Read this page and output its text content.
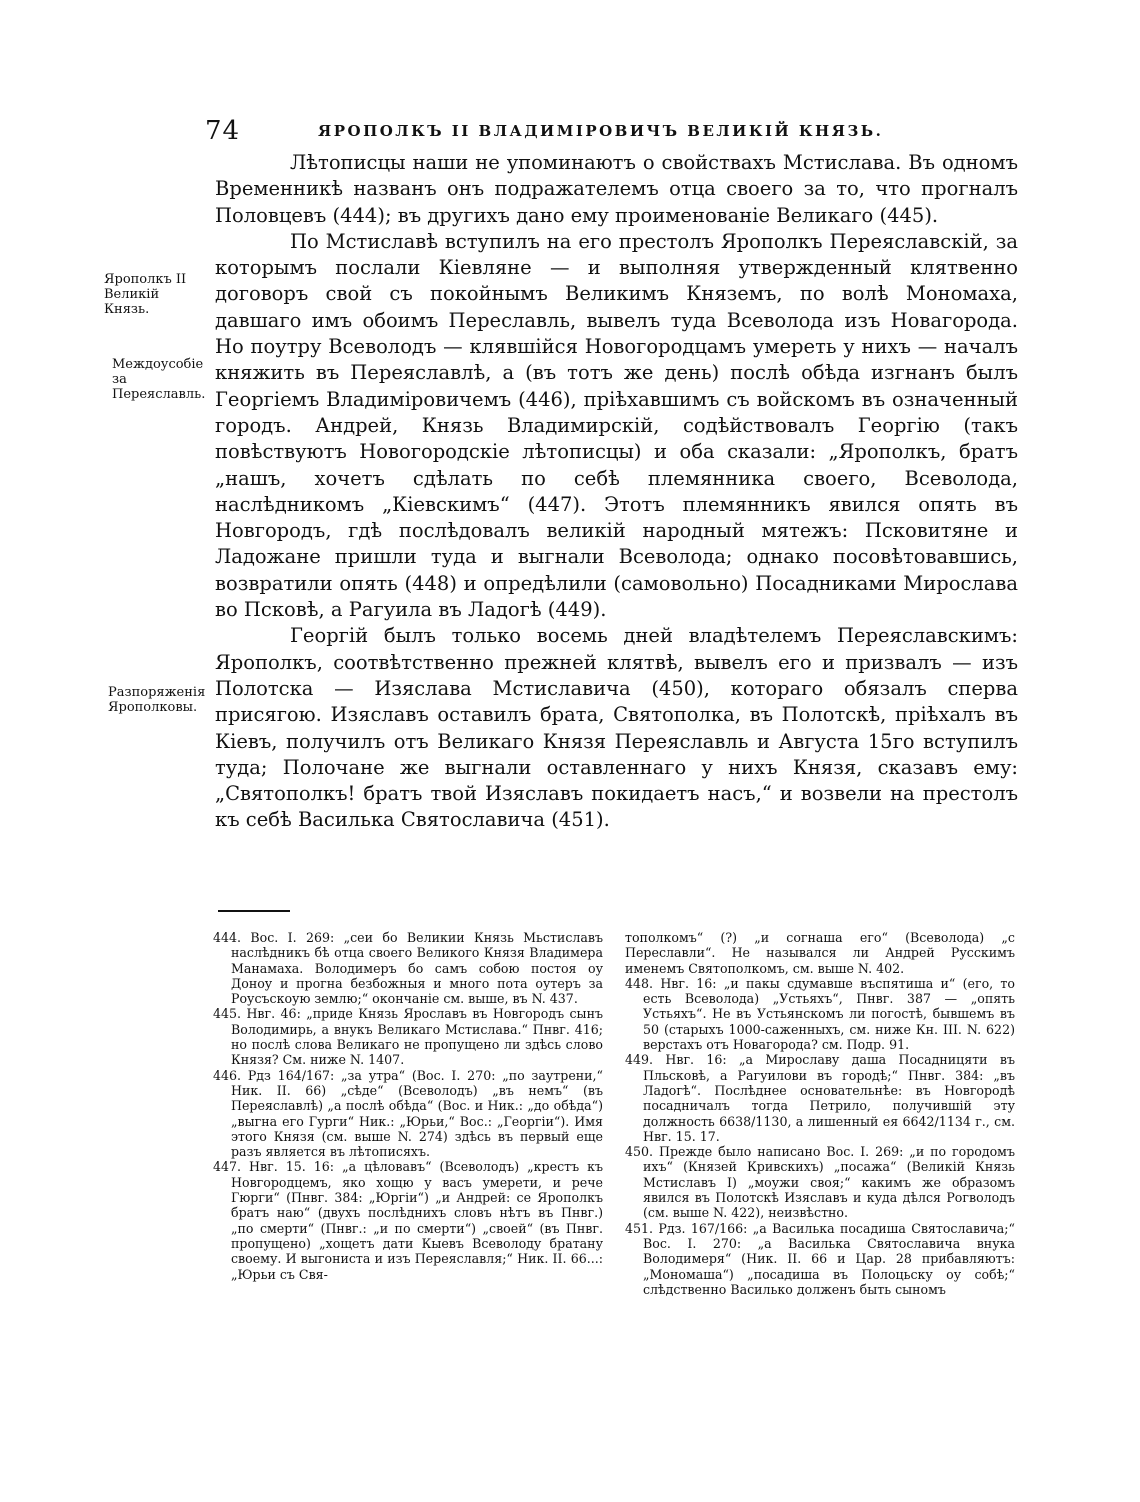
74	ЯРОПОЛКЪ II ВЛАДИМIРОВИЧЪ ВЕЛИКIЙ КНЯЗЬ.
Ярополкъ II Великiй Князь.
Междоусобiе за Переяславль.
Разпоряженiя Ярополковы.

Лѣтописцы наши не упоминаютъ о свойствахъ Мстислава. Въ одномъ Временникѣ названъ онъ подражателемъ отца своего за то, что прогналъ Половцевъ (444); въ другихъ дано ему проименованiе Великаго (445).

По Мстиславѣ вступилъ на его престолъ Ярополкъ Переяславскiй, за которымъ послали Кiевляне — и выполняя утвержденный клятвенно договоръ свой съ покойнымъ Великимъ Княземъ, по волѣ Мономаха, давшаго имъ обоимъ Переславль, вывелъ туда Всеволода изъ Новагорода. Но поутру Всеволодъ — клявшiйся Новогородцамъ умереть у нихъ — началъ княжить въ Переяславлѣ, а (въ тотъ же день) послѣ обѣда изгнанъ былъ Георгiемъ Владимiровичемъ (446), прiѣхавшимъ съ войскомъ въ означенный городъ. Андрей, Князь Владимирскiй, содѣйствовалъ Георгiю (такъ повѣствуютъ Новогородскiе лѣтописцы) и оба сказали: „Ярополкъ, братъ „нашъ, хочетъ сдѣлать по себѣ племянника своего, Всеволода, наслѣдникомъ „Кiевскимъ“ (447). Этотъ племянникъ явился опять въ Новгородъ, гдѣ послѣдовалъ великiй народный мятежъ: Псковитяне и Ладожане пришли туда и выгнали Всеволода; однако посовѣтовавшись, возвратили опять (448) и опредѣлили (самовольно) Посадниками Мирослава во Псковѣ, а Рагуила въ Ладогѣ (449).

Георгiй былъ только восемь дней владѣтелемъ Переяславскимъ: Ярополкъ, соотвѣтственно прежней клятвѣ, вывелъ его и призвалъ — изъ Полотска — Изяслава Мстиславича (450), котораго обязалъ сперва присягою. Изяславъ оставилъ брата, Святополка, въ Полотскѣ, прiѣхалъ въ Кiевъ, получилъ отъ Великаго Князя Переяславль и Августа 15го вступилъ туда; Полочане же выгнали оставленнаго у нихъ Князя, сказавъ ему: „Святополкъ! братъ твой Изяславъ покидаетъ насъ,“ и возвели на престолъ къ себѣ Василька Святославича (451).

444. Вос. I. 269: „сеи бо Великии Князь Мьстиславъ наслѣдникъ бѣ отца своего Великого Князя Владимера Манамаха. Володимеръ бо самъ собою постоя оу Доноу и прогна безбожныя и много пота оутеръ за Роусъскоую землю;“ окончанiе см. выше, въ N. 437.

445. Нвг. 46: „приде Князь Ярославъ въ Новгородъ сынъ Володимирь, а внукъ Великаго Мстислава.“ Пнвг. 416; но послѣ слова Великаго не пропущено ли здѣсь слово Князя? См. ниже N. 1407.

446. Рдз 164/167: „за утра“ (Вос. I. 270: „по заутрени,“ Ник. II. 66) „сѣде“ (Всеволодъ) „въ немъ“ (въ Переяславлѣ) „а послѣ обѣда“ (Вос. и Ник.: „до обѣда“) „выгна его Гурги“ Ник.: „Юрьи,“ Вос.: „Георгiи“). Имя этого Князя (см. выше N. 274) здѣсь въ первый еще разъ является въ лѣтописяхъ.

447. Нвг. 15. 16: „а цѣловавъ“ (Всеволодъ) „крестъ къ Новгородцемъ, яко хощю у васъ умерети, и рече Гюрги“ (Пнвг. 384: „Юргiи“) „и Андрей: се Ярополкъ братъ наю“ (двухъ послѣднихъ словъ нѣтъ въ Пнвг.) „по смерти“ (Пнвг.: „и по смерти“) „своей“ (въ Пнвг. пропущено) „хощетъ дати Кыевъ Всеволоду братану своему. И выгониста и изъ Переяславля;“ Ник. II. 66...: „Юрьи съ Свя-

тополкомъ“ (?) „и согнаша его“ (Всеволода) „с Переславли“. Не назывался ли Андрей Русскимъ именемъ Святополкомъ, см. выше N. 402.

448. Нвг. 16: „и пакы сдумавше въспятиша и“ (его, то есть Всеволода) „Устьяхъ“, Пнвг. 387 — „опять Устьяхъ“. Не въ Устьянскомъ ли погостѣ, бывшемъ въ 50 (старыхъ 1000-саженныхъ, см. ниже Кн. III. N. 622) верстахъ отъ Новагорода? см. Подр. 91.

449. Нвг. 16: „а Мирославу даша Посадницяти въ Пльсковѣ, а Рагуилови въ городѣ;“ Пнвг. 384: „въ Ладогѣ“. Послѣднее основательнѣе: въ Новгородѣ посадничалъ тогда Петрило, получившiй эту должность 6638/1130, а лишенный ея 6642/1134 г., см. Нвг. 15. 17.

450. Прежде было написано Вос. I. 269: „и по городомъ ихъ“ (Князей Кривскихъ) „посажа“ (Великiй Князь Мстиславъ I) „моужи своя;“ какимъ же образомъ явился въ Полотскѣ Изяславъ и куда дѣлся Рогволодъ (см. выше N. 422), неизвѣстно.

451. Рдз. 167/166: „а Василька посадиша Святославича;“ Вос. I. 270: „а Василька Святославича внука Володимеря“ (Ник. II. 66 и Цар. 28 прибавляютъ: „Мономаша“) „посадиша въ Полоцьску оу собѣ;“ слѣдственно Василько долженъ быть сыномъ
